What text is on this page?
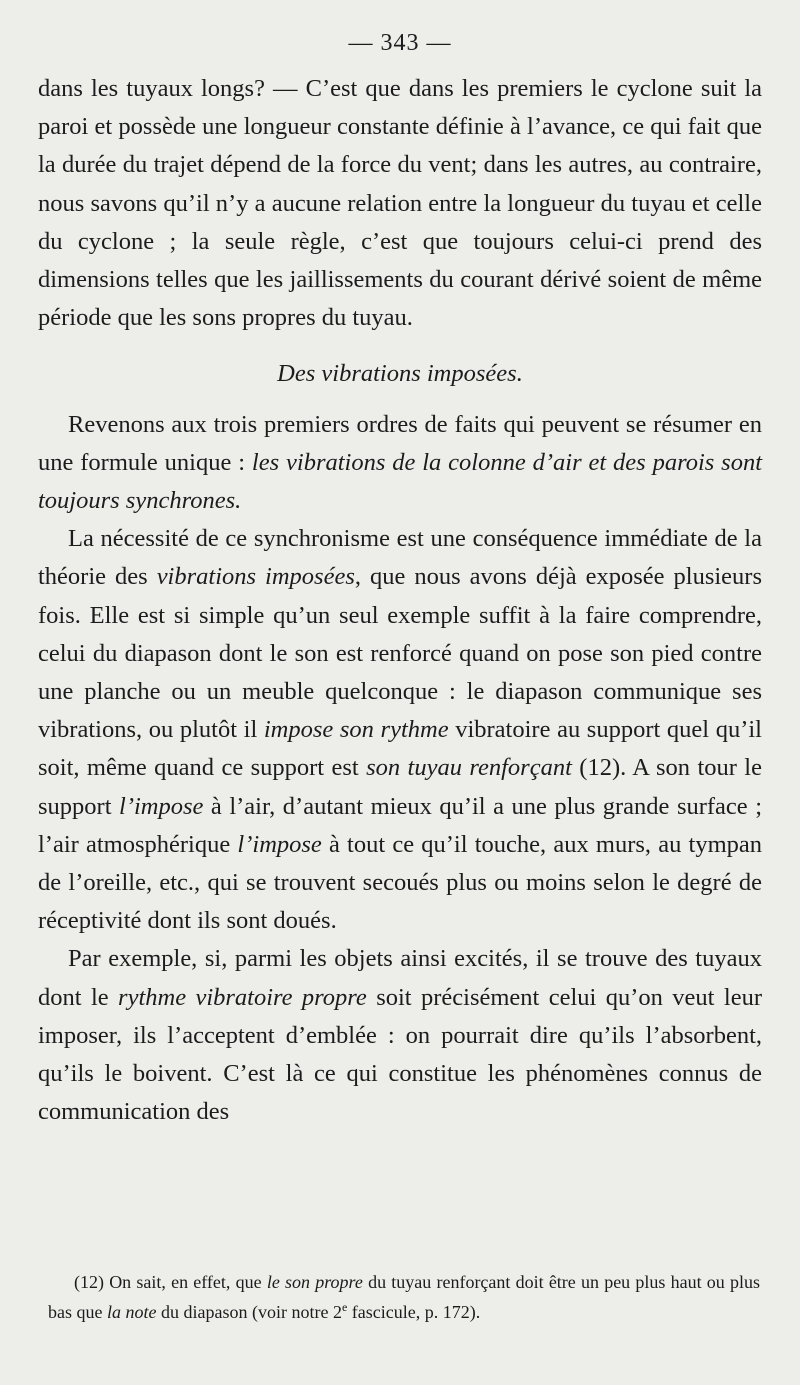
— 343 —

dans les tuyaux longs? — C’est que dans les premiers le cyclone suit la paroi et possède une longueur constante définie à l’avance, ce qui fait que la durée du trajet dépend de la force du vent; dans les autres, au contraire, nous savons qu’il n’y a aucune relation entre la longueur du tuyau et celle du cyclone ; la seule règle, c’est que toujours celui-ci prend des dimensions telles que les jaillissements du courant dérivé soient de même période que les sons propres du tuyau.

Des vibrations imposées.

Revenons aux trois premiers ordres de faits qui peuvent se résumer en une formule unique : les vibrations de la colonne d’air et des parois sont toujours synchrones.

La nécessité de ce synchronisme est une conséquence immédiate de la théorie des vibrations imposées, que nous avons déjà exposée plusieurs fois. Elle est si simple qu’un seul exemple suffit à la faire comprendre, celui du diapason dont le son est renforcé quand on pose son pied contre une planche ou un meuble quelconque : le diapason communique ses vibrations, ou plutôt il impose son rythme vibratoire au support quel qu’il soit, même quand ce support est son tuyau renforçant (12). A son tour le support l’impose à l’air, d’autant mieux qu’il a une plus grande surface ; l’air atmosphérique l’impose à tout ce qu’il touche, aux murs, au tympan de l’oreille, etc., qui se trouvent secoués plus ou moins selon le degré de réceptivité dont ils sont doués.

Par exemple, si, parmi les objets ainsi excités, il se trouve des tuyaux dont le rythme vibratoire propre soit précisément celui qu’on veut leur imposer, ils l’acceptent d’emblée : on pourrait dire qu’ils l’absorbent, qu’ils le boivent. C’est là ce qui constitue les phénomènes connus de communication des

(12) On sait, en effet, que le son propre du tuyau renforçant doit être un peu plus haut ou plus bas que la note du diapason (voir notre 2e fascicule, p. 172).
